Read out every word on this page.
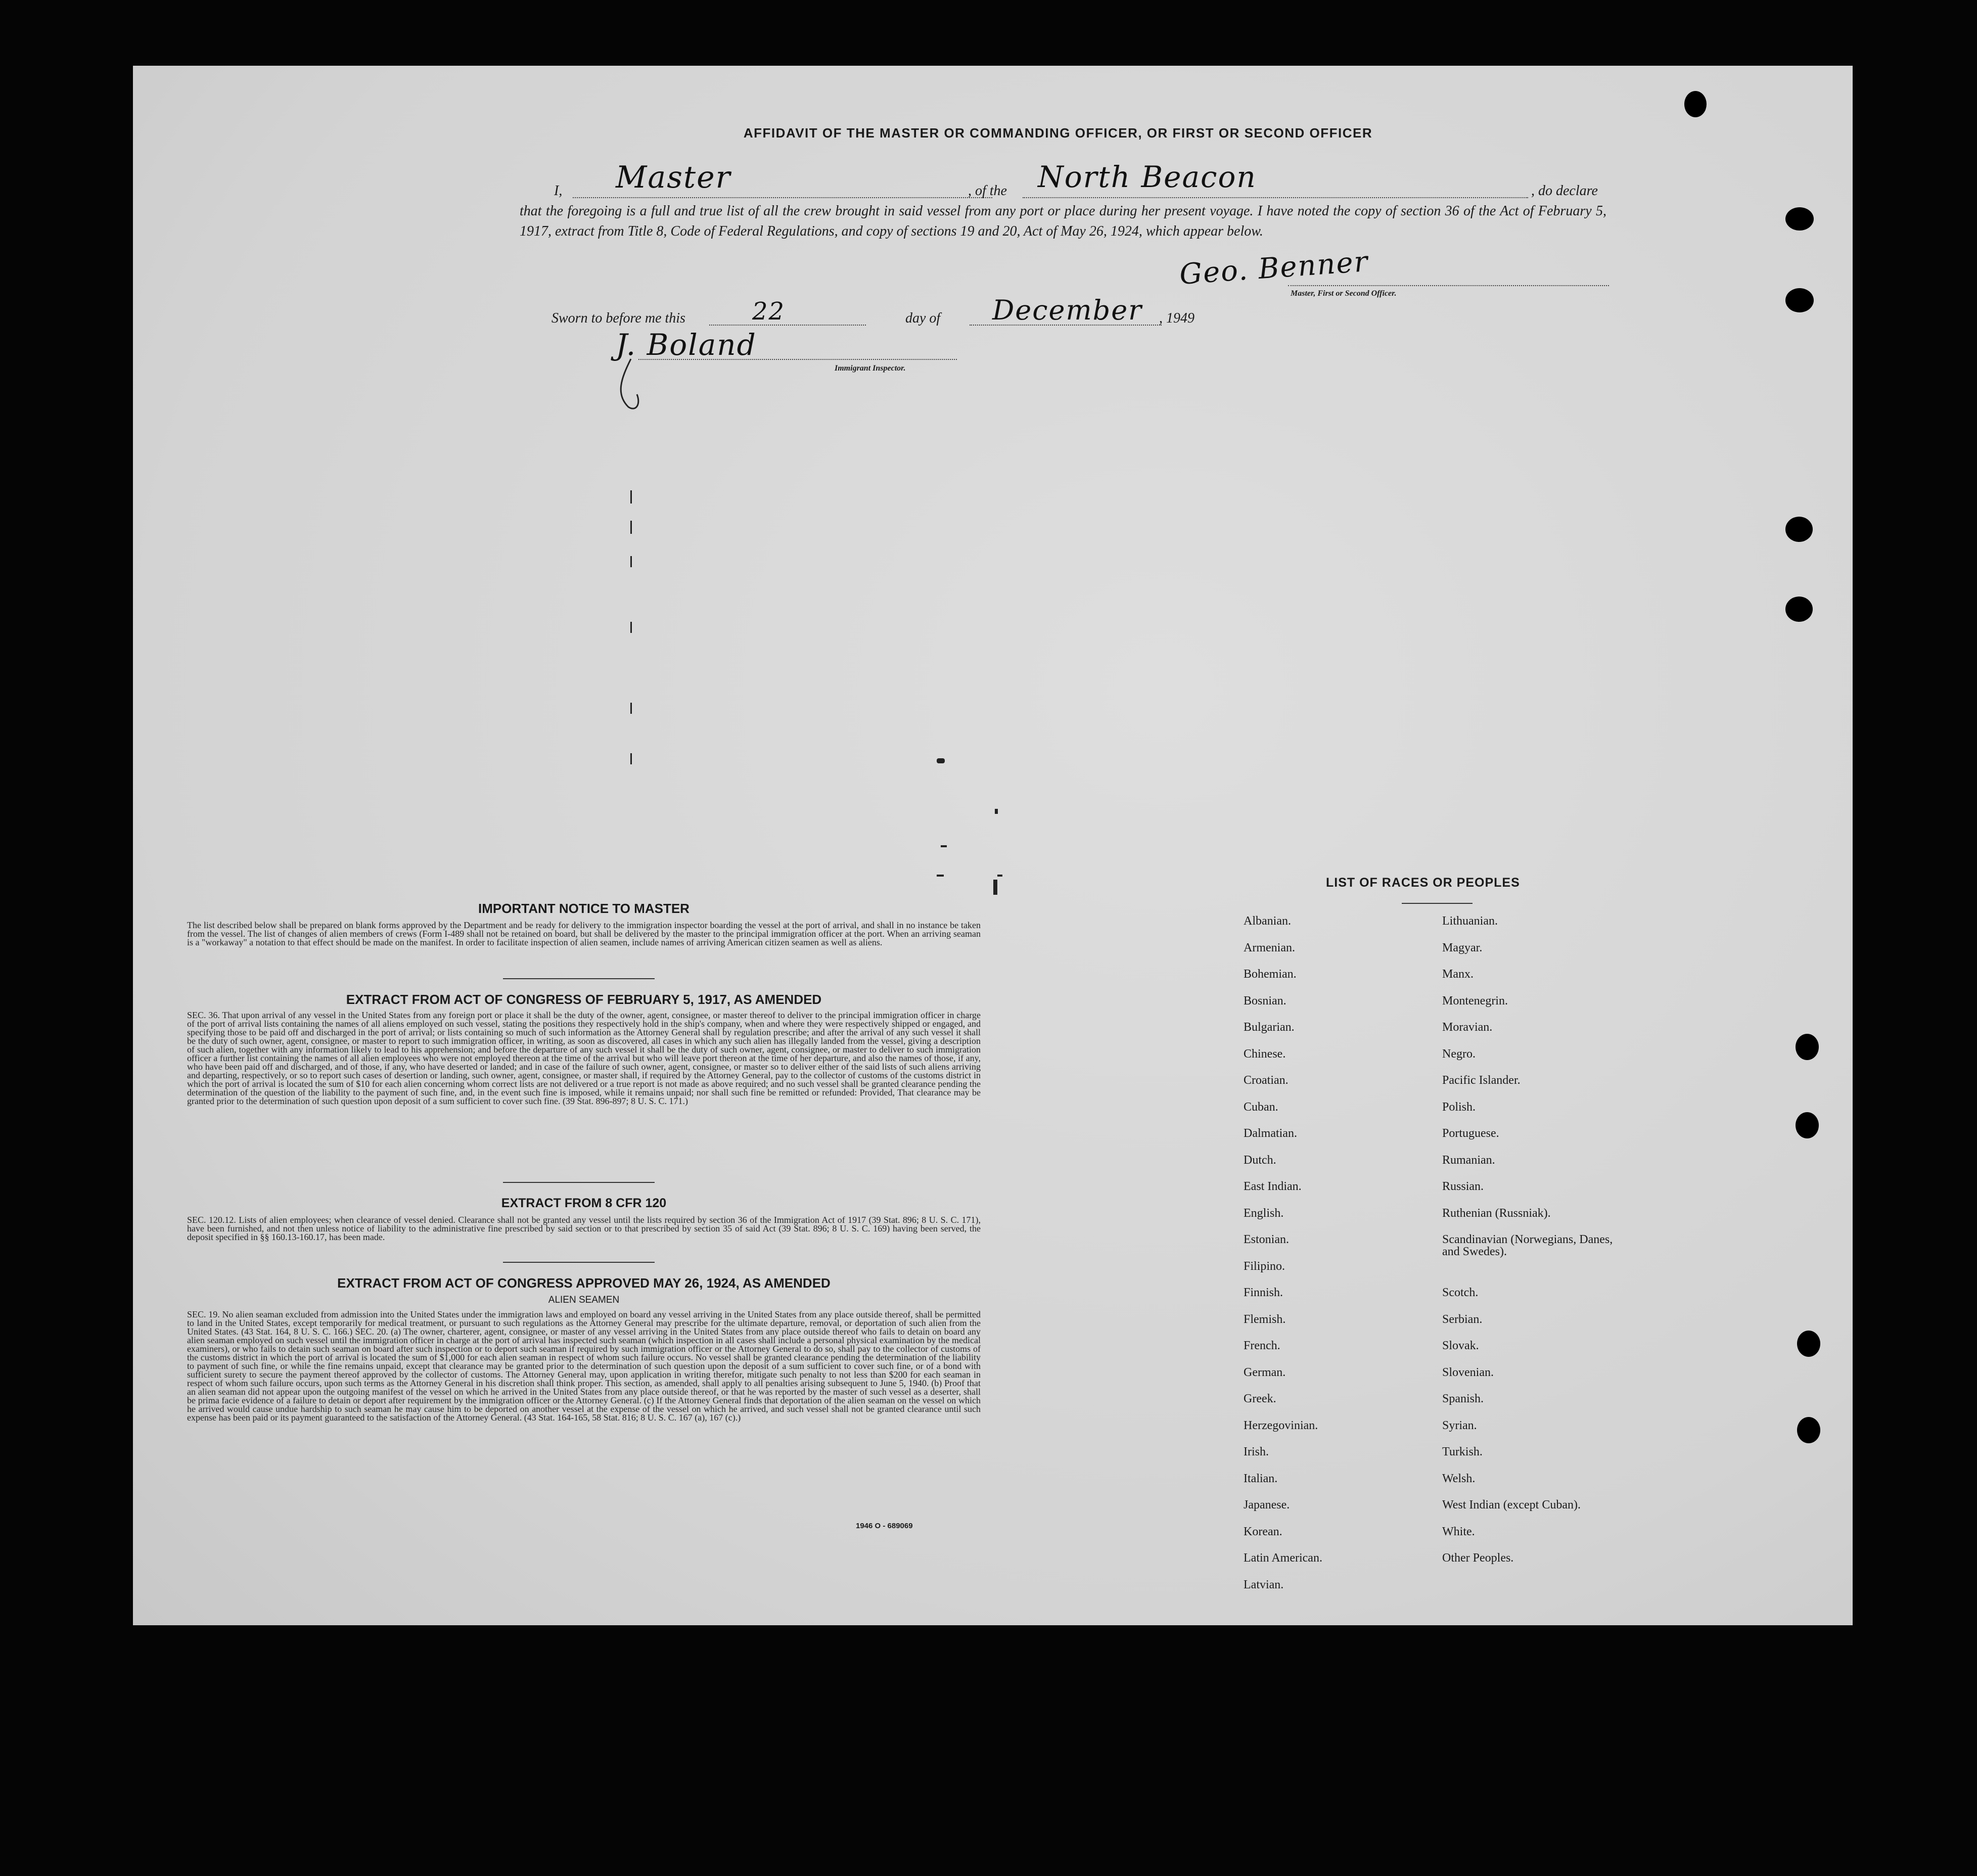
AFFIDAVIT OF THE MASTER OR COMMANDING OFFICER, OR FIRST OR SECOND OFFICER
I, Master	, of the North Beacon	, do declare
that the foregoing is a full and true list of all the crew brought in said vessel from any port or place during her present voyage. I have noted the copy of section 36 of the Act of February 5, 1917, extract from Title 8, Code of Federal Regulations, and copy of sections 19 and 20, Act of May 26, 1924, which appear below.
Geo. Benner
Master, First or Second Officer.
Sworn to before me this	22	day of December , 1949
J. Boland
Immigrant Inspector.
IMPORTANT NOTICE TO MASTER
The list described below shall be prepared on blank forms approved by the Department and be ready for delivery to the immigration inspector boarding the vessel at the port of arrival, and shall in no instance be taken from the vessel. The list of changes of alien members of crews (Form I-489 shall not be retained on board, but shall be delivered by the master to the principal immigration officer at the port. When an arriving seaman is a "workaway" a notation to that effect should be made on the manifest. In order to facilitate inspection of alien seamen, include names of arriving American citizen seamen as well as aliens.
EXTRACT FROM ACT OF CONGRESS OF FEBRUARY 5, 1917, AS AMENDED
SEC. 36. That upon arrival of any vessel in the United States from any foreign port or place it shall be the duty of the owner, agent, consignee, or master thereof to deliver to the principal immigration officer in charge of the port of arrival lists containing the names of all aliens employed on such vessel, stating the positions they respectively hold in the ship's company, when and where they were respectively shipped or engaged, and specifying those to be paid off and discharged in the port of arrival; or lists containing so much of such information as the Attorney General shall by regulation prescribe; and after the arrival of any such vessel it shall be the duty of such owner, agent, consignee, or master to report to such immigration officer, in writing, as soon as discovered, all cases in which any such alien has illegally landed from the vessel, giving a description of such alien, together with any information likely to lead to his apprehension; and before the departure of any such vessel it shall be the duty of such owner, agent, consignee, or master to deliver to such immigration officer a further list containing the names of all alien employees who were not employed thereon at the time of the arrival but who will leave port thereon at the time of her departure, and also the names of those, if any, who have been paid off and discharged, and of those, if any, who have deserted or landed; and in case of the failure of such owner, agent, consignee, or master so to deliver either of the said lists of such aliens arriving and departing, respectively, or so to report such cases of desertion or landing, such owner, agent, consignee, or master shall, if required by the Attorney General, pay to the collector of customs of the customs district in which the port of arrival is located the sum of $10 for each alien concerning whom correct lists are not delivered or a true report is not made as above required; and no such vessel shall be granted clearance pending the determination of the question of the liability to the payment of such fine, and, in the event such fine is imposed, while it remains unpaid; nor shall such fine be remitted or refunded: Provided, That clearance may be granted prior to the determination of such question upon deposit of a sum sufficient to cover such fine. (39 Stat. 896-897; 8 U. S. C. 171.)
EXTRACT FROM 8 CFR 120
SEC. 120.12. Lists of alien employees; when clearance of vessel denied. Clearance shall not be granted any vessel until the lists required by section 36 of the Immigration Act of 1917 (39 Stat. 896; 8 U. S. C. 171), have been furnished, and not then unless notice of liability to the administrative fine prescribed by said section or to that prescribed by section 35 of said Act (39 Stat. 896; 8 U. S. C. 169) having been served, the deposit specified in §§ 160.13-160.17, has been made.
EXTRACT FROM ACT OF CONGRESS APPROVED MAY 26, 1924, AS AMENDED
ALIEN SEAMEN
SEC. 19. No alien seaman excluded from admission into the United States under the immigration laws and employed on board any vessel arriving in the United States from any place outside thereof, shall be permitted to land in the United States, except temporarily for medical treatment, or pursuant to such regulations as the Attorney General may prescribe for the ultimate departure, removal, or deportation of such alien from the United States. (43 Stat. 164, 8 U. S. C. 166.) SEC. 20. (a) The owner, charterer, agent, consignee, or master of any vessel arriving in the United States from any place outside thereof who fails to detain on board any alien seaman employed on such vessel until the immigration officer in charge at the port of arrival has inspected such seaman (which inspection in all cases shall include a personal physical examination by the medical examiners), or who fails to detain such seaman on board after such inspection or to deport such seaman if required by such immigration officer or the Attorney General to do so, shall pay to the collector of customs of the customs district in which the port of arrival is located the sum of $1,000 for each alien seaman in respect of whom such failure occurs. No vessel shall be granted clearance pending the determination of the liability to payment of such fine, or while the fine remains unpaid, except that clearance may be granted prior to the determination of such question upon the deposit of a sum sufficient to cover such fine, or of a bond with sufficient surety to secure the payment thereof approved by the collector of customs. The Attorney General may, upon application in writing therefor, mitigate such penalty to not less than $200 for each seaman in respect of whom such failure occurs, upon such terms as the Attorney General in his discretion shall think proper. This section, as amended, shall apply to all penalties arising subsequent to June 5, 1940. (b) Proof that an alien seaman did not appear upon the outgoing manifest of the vessel on which he arrived in the United States from any place outside thereof, or that he was reported by the master of such vessel as a deserter, shall be prima facie evidence of a failure to detain or deport after requirement by the immigration officer or the Attorney General. (c) If the Attorney General finds that deportation of the alien seaman on the vessel on which he arrived would cause undue hardship to such seaman he may cause him to be deported on another vessel at the expense of the vessel on which he arrived, and such vessel shall not be granted clearance until such expense has been paid or its payment guaranteed to the satisfaction of the Attorney General. (43 Stat. 164-165, 58 Stat. 816; 8 U. S. C. 167 (a), 167 (c).)
1946 O - 689069
LIST OF RACES OR PEOPLES
Albanian.
Armenian.
Bohemian.
Bosnian.
Bulgarian.
Chinese.
Croatian.
Cuban.
Dalmatian.
Dutch.
East Indian.
English.
Estonian.
Filipino.
Finnish.
Flemish.
French.
German.
Greek.
Herzegovinian.
Irish.
Italian.
Japanese.
Korean.
Latin American.
Latvian.
Lithuanian.
Magyar.
Manx.
Montenegrin.
Moravian.
Negro.
Pacific Islander.
Polish.
Portuguese.
Rumanian.
Russian.
Ruthenian (Russniak).
Scandinavian (Norwegians, Danes, and Swedes).
Scotch.
Serbian.
Slovak.
Slovenian.
Spanish.
Syrian.
Turkish.
Welsh.
West Indian (except Cuban).
White.
Other Peoples.
